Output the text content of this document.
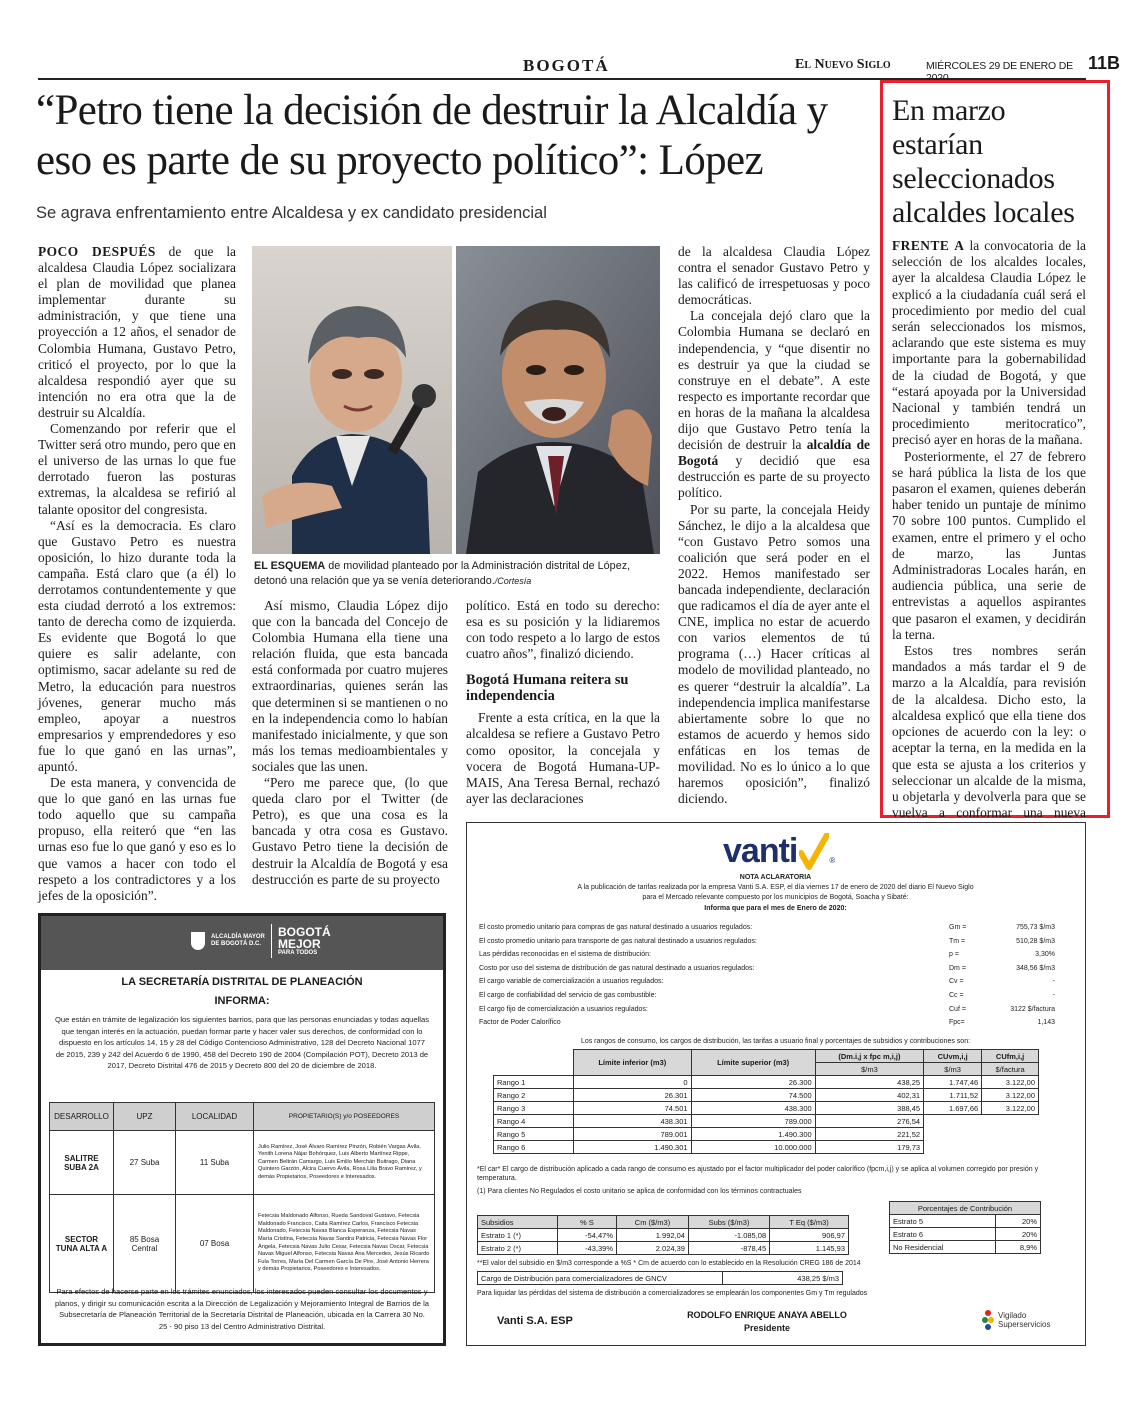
BOGOTÁ	El Nuevo Siglo	MIÉRCOLES 29 DE ENERO DE 2020
11B
“Petro tiene la decisión de destruir la Alcaldía y eso es parte de su proyecto político”: López
Se agrava enfrentamiento entre Alcaldesa y ex candidato presidencial

POCO DESPUÉS de que la alcaldesa Claudia López socializara el plan de movilidad que planea implementar durante su administración, y que tiene una proyección a 12 años, el senador de Colombia Humana, Gustavo Petro, criticó el proyecto, por lo que la alcaldesa respondió ayer que su intención no era otra que la de destruir su Alcaldía.

Comenzando por referir que el Twitter será otro mundo, pero que en el universo de las urnas lo que fue derrotado fueron las posturas extremas, la alcaldesa se refirió al talante opositor del congresista.

“Así es la democracia. Es claro que Gustavo Petro es nuestra oposición, lo hizo durante toda la campaña. Está claro que (a él) lo derrotamos contundentemente y que esta ciudad derrotó a los extremos: tanto de derecha como de izquierda. Es evidente que Bogotá lo que quiere es salir adelante, con optimismo, sacar adelante su red de Metro, la educación para nuestros jóvenes, generar mucho más empleo, apoyar a nuestros empresarios y emprendedores y eso fue lo que ganó en las urnas”, apuntó.

De esta manera, y convencida de que lo que ganó en las urnas fue todo aquello que su campaña propuso, ella reiteró que “en las urnas eso fue lo que ganó y eso es lo que vamos a hacer con todo el respeto a los contradictores y a los jefes de la oposición”.

EL ESQUEMA de movilidad planteado por la Administración distrital de López, detonó una relación que ya se venía deteriorando./Cortesía

Así mismo, Claudia López dijo que con la bancada del Concejo de Colombia Humana ella tiene una relación fluida, que esta bancada está conformada por cuatro mujeres extraordinarias, quienes serán las que determinen si se mantienen o no en la independencia como lo habían manifestado inicialmente, y que son más los temas medioambientales y sociales que las unen.

“Pero me parece que, (lo que queda claro por el Twitter (de Petro), es que una cosa es la bancada y otra cosa es Gustavo. Gustavo Petro tiene la decisión de destruir la Alcaldía de Bogotá y esa destrucción es parte de su proyecto

político. Está en todo su derecho: esa es su posición y la lidiaremos con todo respeto a lo largo de estos cuatro años”, finalizó diciendo.

Bogotá Humana reitera su independencia

Frente a esta crítica, en la que la alcaldesa se refiere a Gustavo Petro como opositor, la concejala y vocera de Bogotá Humana-UP-MAIS, Ana Teresa Bernal, rechazó ayer las declaraciones

de la alcaldesa Claudia López contra el senador Gustavo Petro y las calificó de irrespetuosas y poco democráticas.

La concejala dejó claro que la Colombia Humana se declaró en independencia, y “que disentir no es destruir ya que la ciudad se construye en el debate”. A este respecto es importante recordar que en horas de la mañana la alcaldesa dijo que Gustavo Petro tenía la decisión de destruir la alcaldía de Bogotá y decidió que esa destrucción es parte de su proyecto político.

Por su parte, la concejala Heidy Sánchez, le dijo a la alcaldesa que “con Gustavo Petro somos una coalición que será poder en el 2022. Hemos manifestado ser bancada independiente, declaración que radicamos el día de ayer ante el CNE, implica no estar de acuerdo con varios elementos de tú programa (…) Hacer críticas al modelo de movilidad planteado, no es querer “destruir la alcaldía”. La independencia implica manifestarse abiertamente sobre lo que no estamos de acuerdo y hemos sido enfáticas en los temas de movilidad. No es lo único a lo que haremos oposición”, finalizó diciendo.

En marzo estarían seleccionados alcaldes locales

FRENTE A la convocatoria de la selección de los alcaldes locales, ayer la alcaldesa Claudia López le explicó a la ciudadanía cuál será el procedimiento por medio del cual serán seleccionados los mismos, aclarando que este sistema es muy importante para la gobernabilidad de la ciudad de Bogotá, y que “estará apoyada por la Universidad Nacional y también tendrá un procedimiento meritocratico”, precisó ayer en horas de la mañana.

Posteriormente, el 27 de febrero se hará pública la lista de los que pasaron el examen, quienes deberán haber tenido un puntaje de mínimo 70 sobre 100 puntos. Cumplido el examen, entre el primero y el ocho de marzo, las Juntas Administradoras Locales harán, en audiencia pública, una serie de entrevistas a aquellos aspirantes que pasaron el examen, y decidirán la terna.

Estos tres nombres serán mandados a más tardar el 9 de marzo a la Alcaldía, para revisión de la alcaldesa. Dicho esto, la alcaldesa explicó que ella tiene dos opciones de acuerdo con la ley: o aceptar la terna, en la medida en la que esta se ajusta a los criterios y seleccionar un alcalde de la misma, u objetarla y devolverla para que se vuelva a conformar una nueva

ALCALDÍA MAYOR DE BOGOTÁ D.C.
BOGOTÁ
MEJOR
PARA TODOS
LA SECRETARÍA DISTRITAL DE PLANEACIÓN
INFORMA:
Que están en trámite de legalización los siguientes barrios, para que las personas enunciadas y todas aquellas que tengan interés en la actuación, puedan formar parte y hacer valer sus derechos, de conformidad con lo dispuesto en los artículos 14, 15 y 28 del Código Contencioso Administrativo, 128 del Decreto Nacional 1077 de 2015, 239 y 242 del Acuerdo 6 de 1990, 458 del Decreto 190 de 2004 (Compilación POT), Decreto 2013 de 2017, Decreto Distrital 476 de 2015 y Decreto 800 del 20 de diciembre de 2018.
DESARROLLO	UPZ	LOCALIDAD	PROPIETARIO(S) y/o POSEEDORES
SALITRE SUBA 2A	27 Suba	11 Suba	Julio Ramírez, José Álvaro Ramírez Pinzón, Robién Vargas Ávila, Yenith Lorena Nájar Bohórquez, Luis Alberto Martínez Rippe, Carmen Beltrán Camargo, Luis Emilio Merchán Buitrago, Diana Quintero Garzón, Alcira Cuervo Ávila, Rosa Lilia Bravo Ramírez, y demás Propietarios, Poseedores e Interesados.
SECTOR TUNA ALTA A	85 Bosa Central	07 Bosa	Fetecsia Maldonado Alfonso, Rueda Sandoval Gustavo, Fetecsia Maldonado Francisco, Caita Ramírez Carlos, Francisco Fetecsia Maldonado, Fetecsia Navas Blanca Esperanza, Fetecsia Navas María Cristina, Fetecsia Navas Sandra Patricia, Fetecsia Navas Flor Ángela, Fetecsia Navas Julio Cesar, Fetecsia Navas Oscar, Fetecsia Navas Miguel Alfonso, Fetecsia Navas Ana Mercedes, Jesús Ricardo Fula Torres, María Del Carmen García De Pire, José Antonio Herrera y demás Propietarios, Poseedores e Interesados.
Para efectos de hacerse parte en los trámites enunciados, los interesados pueden consultar los documentos y planos, y dirigir su comunicación escrita a la Dirección de Legalización y Mejoramiento Integral de Barrios de la Subsecretaría de Planeación Territorial de la Secretaría Distrital de Planeación, ubicada en la Carrera 30 No. 25 - 90 piso 13 del Centro Administrativo Distrital.
vanti	®
NOTA ACLARATORIA
A la publicación de tarifas realizada por la empresa Vanti S.A. ESP, el día viernes 17 de enero de 2020 del diario El Nuevo Siglo
para el Mercado relevante compuesto por los municipios de Bogotá, Soacha y Sibaté:
Informa que para el mes de Enero de 2020:
El costo promedio unitario para compras de gas natural destinado a usuarios regulados:	Gm =	755,73 $/m3
El costo promedio unitario para transporte de gas natural destinado a usuarios regulados:	Tm =	510,28 $/m3
Las pérdidas reconocidas en el sistema de distribución:	p =	3,30%
Costo por uso del sistema de distribución de gas natural destinado a usuarios regulados:	Dm =	348,56 $/m3
El cargo variable de comercialización a usuarios regulados:	Cv =	-
El cargo de confiabilidad del servicio de gas combustible:	Cc =	-
El cargo fijo de comercialización a usuarios regulados:	Cuf =	3122 $/factura
Factor de Poder Calorífico	Fpc=	1,143
Los rangos de consumo, los cargos de distribución, las tarifas a usuario final y porcentajes de subsidios y contribuciones son:
	Límite inferior (m3)	Límite superior (m3)	(Dm.i,j x fpc m,i,j)	CUvm,i,j	CUfm,i,j
			$/m3	$/m3	$/factura
Rango 1	0	26.300	438,25	1.747,46	3.122,00
Rango 2	26.301	74.500	402,31	1.711,52	3.122,00
Rango 3	74.501	438.300	388,45	1.697,66	3.122,00
Rango 4	438.301	789.000	276,54		
Rango 5	789.001	1.490.300	221,52		
Rango 6	1.490.301	10.000.000	179,73		
*El car* El cargo de distribución aplicado a cada rango de consumo es ajustado por el factor multiplicador del poder calorífico (fpcm,i,j) y se aplica al volumen corregido por presión y temperatura.
(1) Para clientes No Regulados el costo unitario se aplica de conformidad con los términos contractuales
Subsidios	% S	Cm ($/m3)	Subs ($/m3)	T Eq ($/m3)
Estrato 1 (*)	-54,47%	1.992,04	-1.085,08	906,97
Estrato 2 (*)	-43,39%	2.024,39	-878,45	1.145,93
Porcentajes de Contribución	
Estrato 5	20%
Estrato 6	20%
No Residencial	8,9%
**El valor del subsidio en $/m3 corresponde a %S * Cm de acuerdo con lo establecido en la Resolución CREG 186 de 2014
Cargo de Distribución para comercializadores de GNCV	438,25 $/m3
Para liquidar las pérdidas del sistema de distribución a comercializadores se emplearán los componentes Gm y Tm regulados
Vanti S.A. ESP	RODOLFO ENRIQUE ANAYA ABELLO
Presidente
Vigilado
Superservicios
